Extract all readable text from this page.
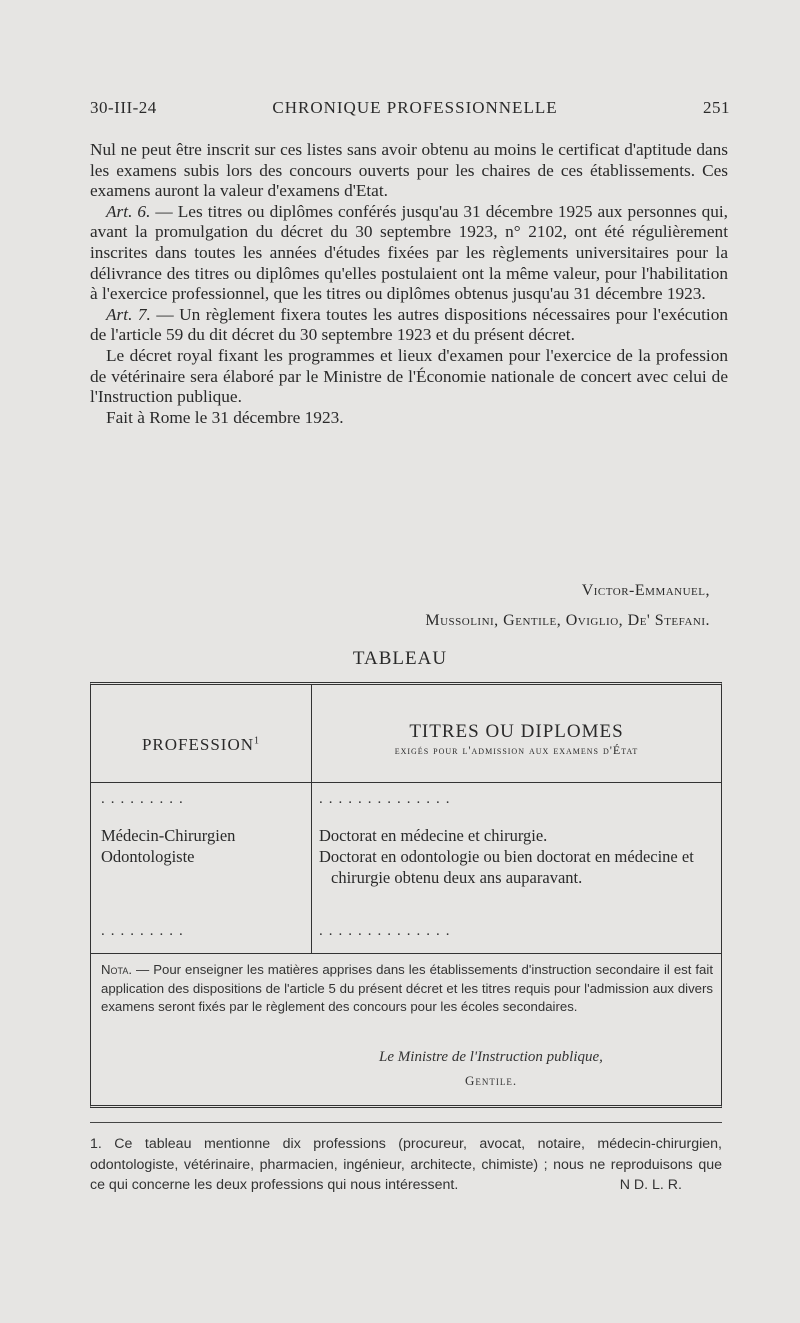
30-III-24	CHRONIQUE PROFESSIONNELLE	251

Nul ne peut être inscrit sur ces listes sans avoir obtenu au moins le certificat d'aptitude dans les examens subis lors des concours ouverts pour les chaires de ces établissements. Ces examens auront la valeur d'examens d'Etat.

Art. 6. — Les titres ou diplômes conférés jusqu'au 31 décembre 1925 aux personnes qui, avant la promulgation du décret du 30 septembre 1923, n° 2102, ont été régulièrement inscrites dans toutes les années d'études fixées par les règlements universitaires pour la délivrance des titres ou diplômes qu'elles postulaient ont la même valeur, pour l'habilitation à l'exercice professionnel, que les titres ou diplômes obtenus jusqu'au 31 décembre 1923.

Art. 7. — Un règlement fixera toutes les autres dispositions nécessaires pour l'exécution de l'article 59 du dit décret du 30 septembre 1923 et du présent décret.

Le décret royal fixant les programmes et lieux d'examen pour l'exercice de la profession de vétérinaire sera élaboré par le Ministre de l'Économie nationale de concert avec celui de l'Instruction publique.

Fait à Rome le 31 décembre 1923.

Victor-Emmanuel,
Mussolini, Gentile, Oviglio, De' Stefani.
TABLEAU
PROFESSION$^1$	TITRES OU DIPLOMES
exigés pour l'admission aux examens d'État
.........	..............
Médecin-Chirurgien	Doctorat en médecine et chirurgie.
Odontologiste	Doctorat en odontologie ou bien doctorat en médecine et chirurgie obtenu deux ans auparavant.

.........	..............
Nota. — Pour enseigner les matières apprises dans les établissements d'instruction secondaire il est fait application des dispositions de l'article 5 du présent décret et les titres requis pour l'admission aux divers examens seront fixés par le règlement des concours pour les écoles secondaires.
Le Ministre de l'Instruction publique,
Gentile.
1. Ce tableau mentionne dix professions (procureur, avocat, notaire, médecin-chirurgien, odontologiste, vétérinaire, pharmacien, ingénieur, architecte, chimiste) ; nous ne reproduisons que ce qui concerne les deux professions qui nous intéressent.	N D. L. R.
